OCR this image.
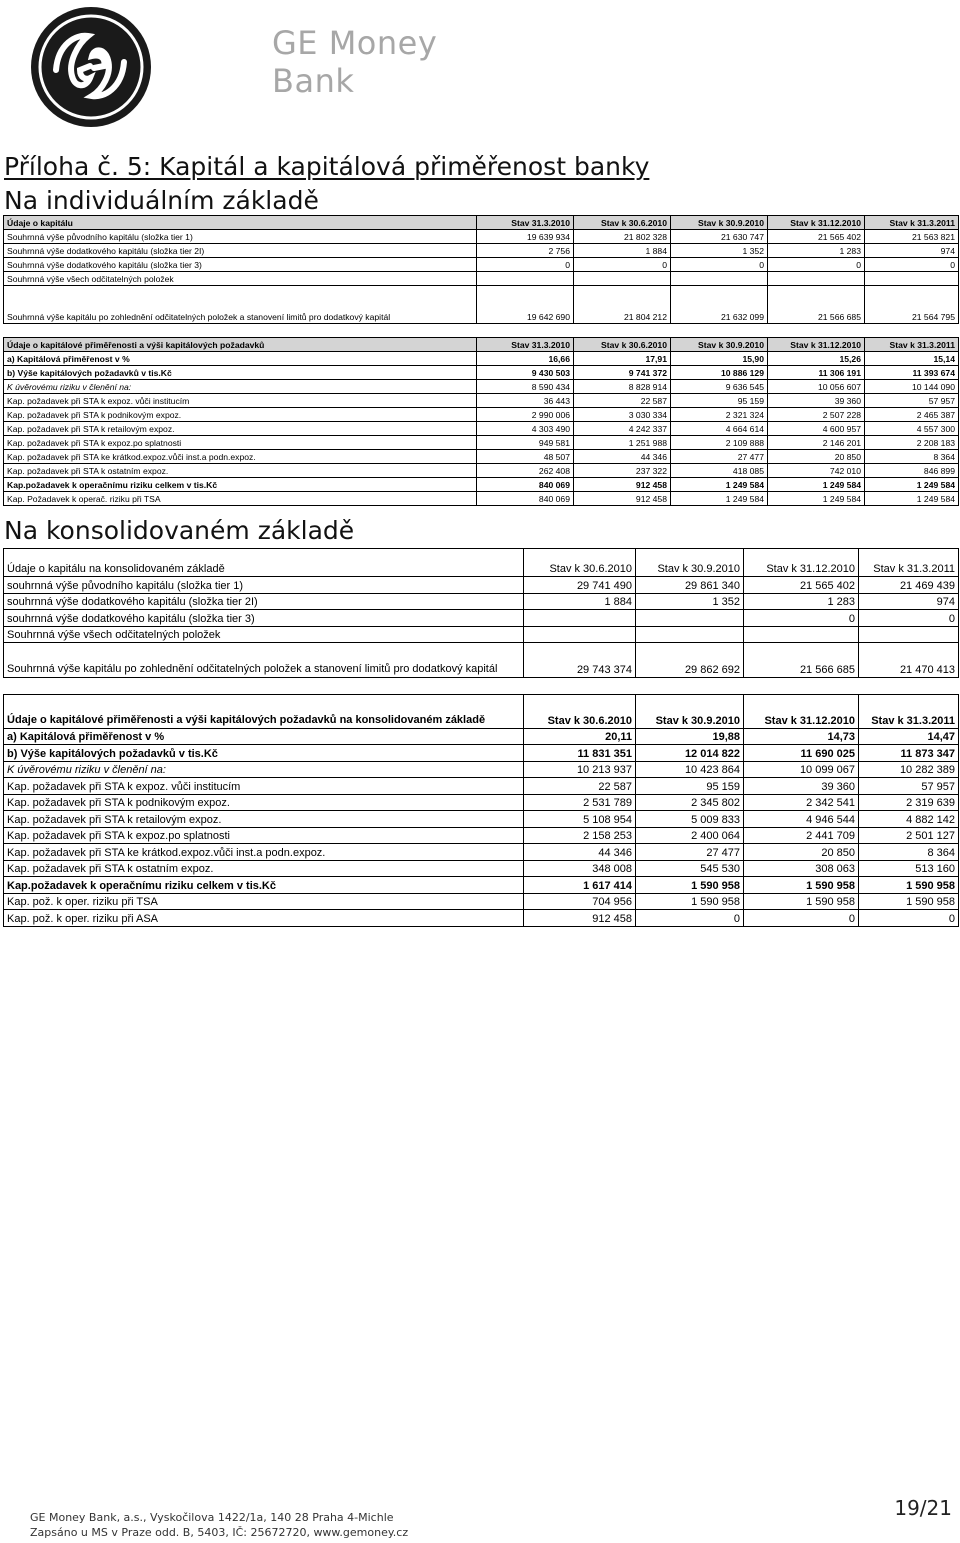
GE Money
Bank
Příloha č. 5: Kapitál a kapitálová přiměřenost banky
Na individuálním základě
Údaje o kapitálu	Stav 31.3.2010	Stav k 30.6.2010	Stav k 30.9.2010	Stav k 31.12.2010	Stav k 31.3.2011
Souhrnná výše původního kapitálu (složka tier 1)	19 639 934	21 802 328	21 630 747	21 565 402	21 563 821
Souhrnná výše dodatkového kapitálu (složka tier 2I)	2 756	1 884	1 352	1 283	974
Souhrnná výše dodatkového kapitálu (složka tier 3)	0	0	0	0	0
Souhrnná výše všech odčitatelných položek					
Souhrnná výše kapitálu po zohlednění odčitatelných položek a stanovení limitů pro dodatkový kapitál	19 642 690	21 804 212	21 632 099	21 566 685	21 564 795

Údaje o kapitálové přiměřenosti a výši kapitálových požadavků	Stav 31.3.2010	Stav k 30.6.2010	Stav k 30.9.2010	Stav k 31.12.2010	Stav k 31.3.2011
a) Kapitálová přiměřenost v %	16,66	17,91	15,90	15,26	15,14
b) Výše kapitálových požadavků v tis.Kč	9 430 503	9 741 372	10 886 129	11 306 191	11 393 674
K úvěrovému riziku v členění na:	8 590 434	8 828 914	9 636 545	10 056 607	10 144 090
Kap. požadavek při STA k expoz. vůči institucím	36 443	22 587	95 159	39 360	57 957
Kap. požadavek při STA k podnikovým expoz.	2 990 006	3 030 334	2 321 324	2 507 228	2 465 387
Kap. požadavek při STA k retailovým expoz.	4 303 490	4 242 337	4 664 614	4 600 957	4 557 300
Kap. požadavek při STA k expoz.po splatnosti	949 581	1 251 988	2 109 888	2 146 201	2 208 183
Kap. požadavek při STA ke krátkod.expoz.vůči inst.a podn.expoz.	48 507	44 346	27 477	20 850	8 364
Kap. požadavek při STA k ostatním expoz.	262 408	237 322	418 085	742 010	846 899
Kap.požadavek k operačnímu riziku celkem v tis.Kč	840 069	912 458	1 249 584	1 249 584	1 249 584
Kap. Požadavek k operač. riziku při TSA	840 069	912 458	1 249 584	1 249 584	1 249 584
Na konsolidovaném základě
Údaje o kapitálu na konsolidovaném základě	Stav k 30.6.2010	Stav k 30.9.2010	Stav k 31.12.2010	Stav k 31.3.2011
souhrnná výše původního kapitálu (složka tier 1)	29 741 490	29 861 340	21 565 402	21 469 439
souhrnná výše dodatkového kapitálu (složka tier 2I)	1 884	1 352	1 283	974
souhrnná výše dodatkového kapitálu (složka tier 3)			0	0
Souhrnná výše všech odčitatelných položek				
Souhrnná výše kapitálu po zohlednění odčitatelných položek a stanovení limitů pro dodatkový kapitál	29 743 374	29 862 692	21 566 685	21 470 413

Údaje o kapitálové přiměřenosti a výši kapitálových požadavků na konsolidovaném základě	Stav k 30.6.2010	Stav k 30.9.2010	Stav k 31.12.2010	Stav k 31.3.2011
a) Kapitálová přiměřenost v %	20,11	19,88	14,73	14,47
b) Výše kapitálových požadavků v tis.Kč	11 831 351	12 014 822	11 690 025	11 873 347
K úvěrovému riziku v členění na:	10 213 937	10 423 864	10 099 067	10 282 389
Kap. požadavek při STA k expoz. vůči institucím	22 587	95 159	39 360	57 957
Kap. požadavek při STA k podnikovým expoz.	2 531 789	2 345 802	2 342 541	2 319 639
Kap. požadavek při STA k retailovým expoz.	5 108 954	5 009 833	4 946 544	4 882 142
Kap. požadavek při STA k expoz.po splatnosti	2 158 253	2 400 064	2 441 709	2 501 127
Kap. požadavek při STA ke krátkod.expoz.vůči inst.a podn.expoz.	44 346	27 477	20 850	8 364
Kap. požadavek při STA k ostatním expoz.	348 008	545 530	308 063	513 160
Kap.požadavek k operačnímu riziku celkem v tis.Kč	1 617 414	1 590 958	1 590 958	1 590 958
Kap. pož. k oper. riziku při TSA	704 956	1 590 958	1 590 958	1 590 958
Kap. pož. k oper. riziku při ASA	912 458	0	0	0
GE Money Bank, a.s., Vyskočilova 1422/1a, 140 28 Praha 4-Michle
Zapsáno u MS v Praze odd. B, 5403, IČ: 25672720, www.gemoney.cz
19/21
